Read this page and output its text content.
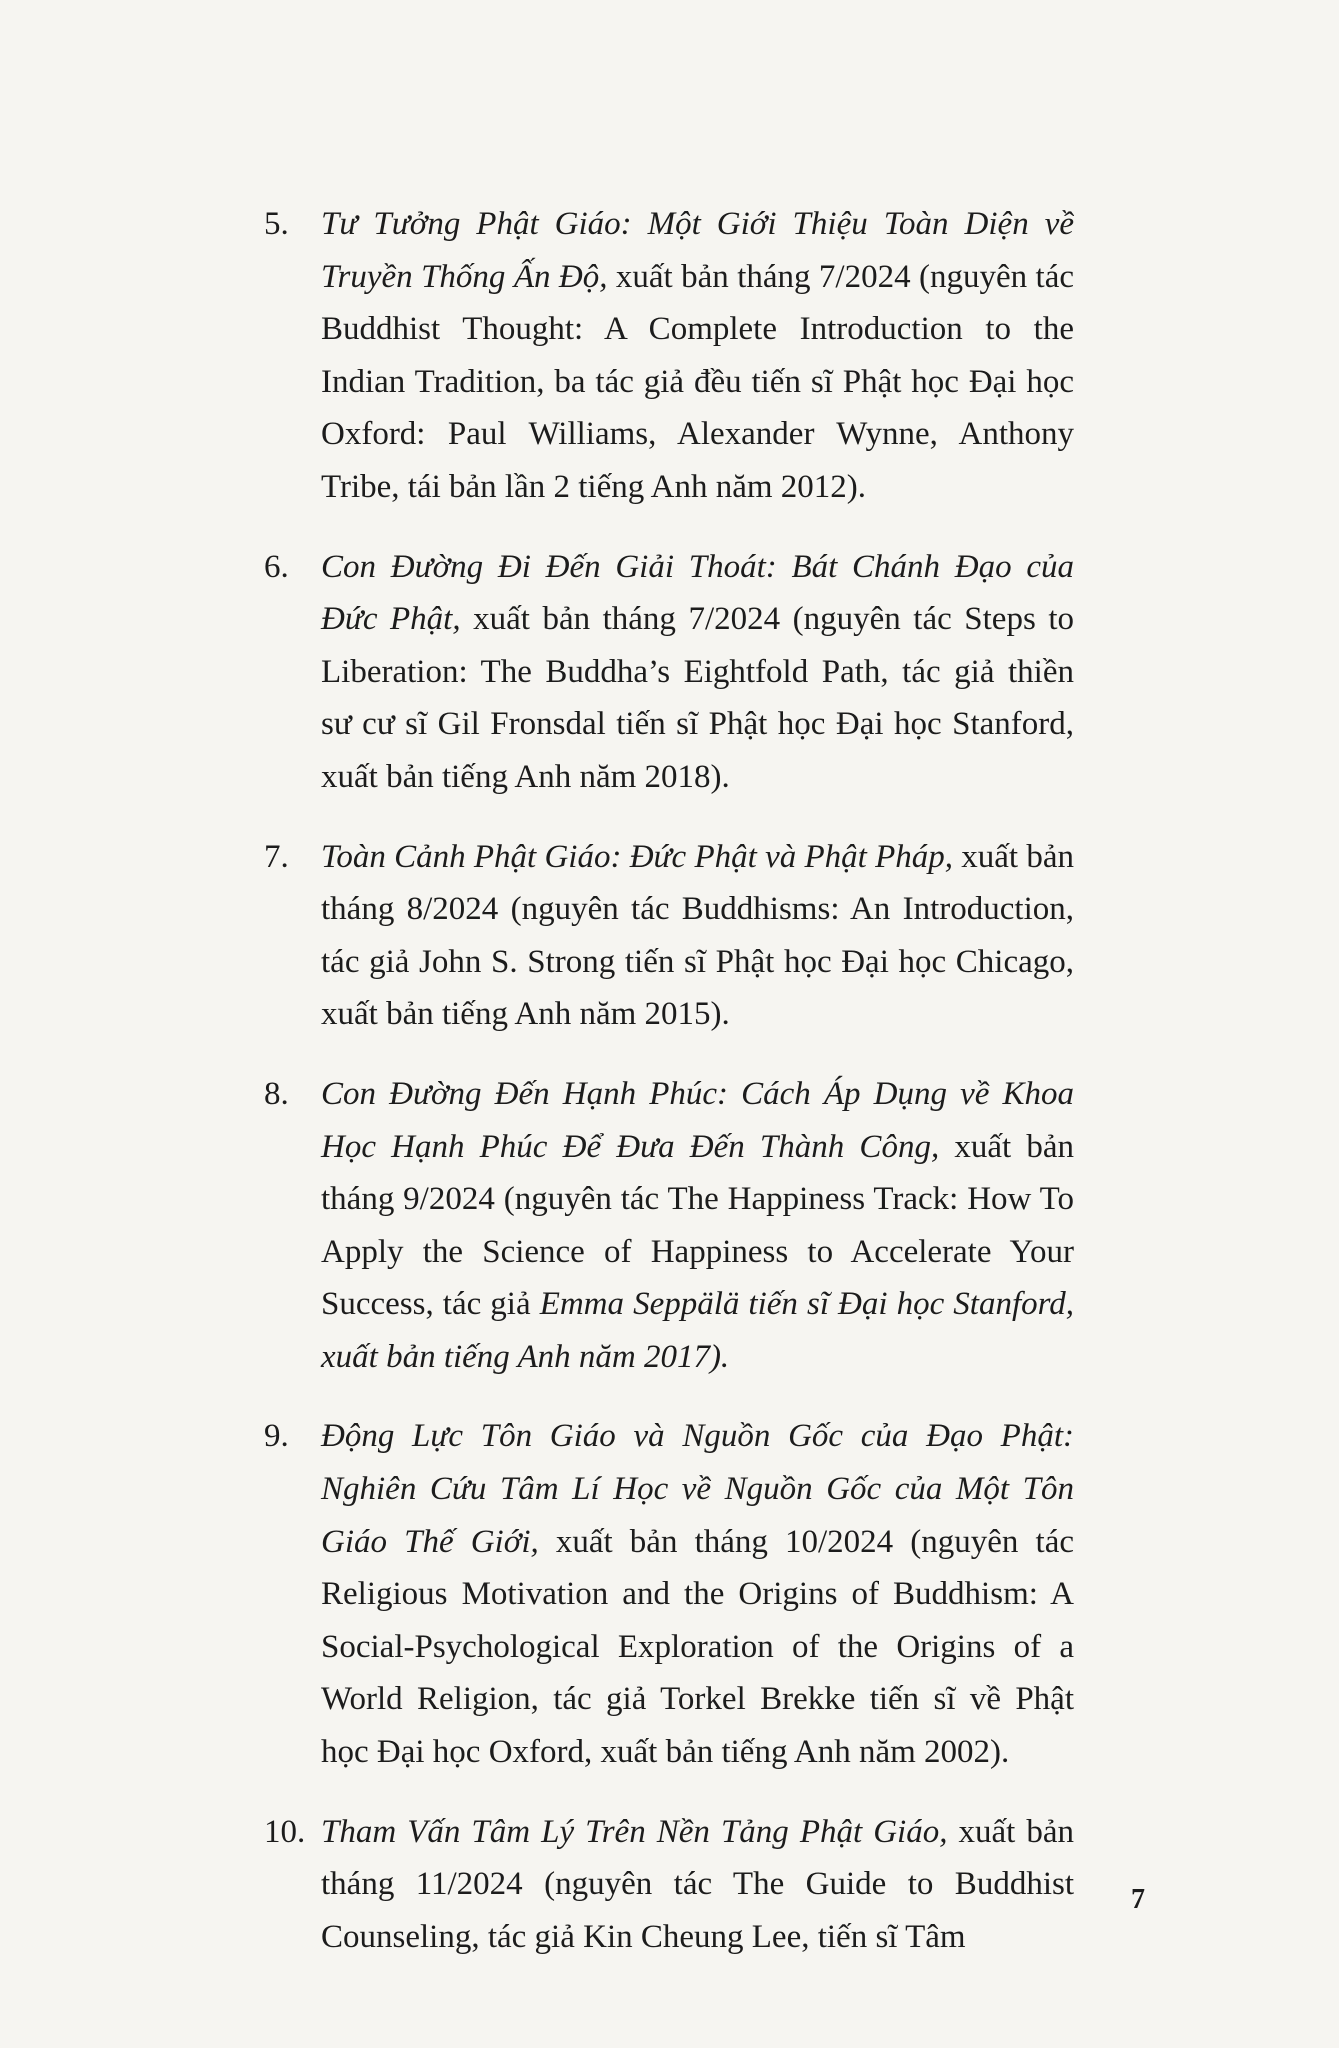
5. Tư Tưởng Phật Giáo: Một Giới Thiệu Toàn Diện về Truyền Thống Ấn Độ, xuất bản tháng 7/2024 (nguyên tác Buddhist Thought: A Complete Introduction to the Indian Tradition, ba tác giả đều tiến sĩ Phật học Đại học Oxford: Paul Williams, Alexander Wynne, Anthony Tribe, tái bản lần 2 tiếng Anh năm 2012).
6. Con Đường Đi Đến Giải Thoát: Bát Chánh Đạo của Đức Phật, xuất bản tháng 7/2024 (nguyên tác Steps to Liberation: The Buddha’s Eightfold Path, tác giả thiền sư cư sĩ Gil Fronsdal tiến sĩ Phật học Đại học Stanford, xuất bản tiếng Anh năm 2018).
7. Toàn Cảnh Phật Giáo: Đức Phật và Phật Pháp, xuất bản tháng 8/2024 (nguyên tác Buddhisms: An Introduction, tác giả John S. Strong tiến sĩ Phật học Đại học Chicago, xuất bản tiếng Anh năm 2015).
8. Con Đường Đến Hạnh Phúc: Cách Áp Dụng về Khoa Học Hạnh Phúc Để Đưa Đến Thành Công, xuất bản tháng 9/2024 (nguyên tác The Happiness Track: How To Apply the Science of Happiness to Accelerate Your Success, tác giả Emma Seppälä tiến sĩ Đại học Stanford, xuất bản tiếng Anh năm 2017).
9. Động Lực Tôn Giáo và Nguồn Gốc của Đạo Phật: Nghiên Cứu Tâm Lí Học về Nguồn Gốc của Một Tôn Giáo Thế Giới, xuất bản tháng 10/2024 (nguyên tác Religious Motivation and the Origins of Buddhism: A Social-Psychological Exploration of the Origins of a World Religion, tác giả Torkel Brekke tiến sĩ về Phật học Đại học Oxford, xuất bản tiếng Anh năm 2002).
10. Tham Vấn Tâm Lý Trên Nền Tảng Phật Giáo, xuất bản tháng 11/2024 (nguyên tác The Guide to Buddhist Counseling, tác giả Kin Cheung Lee, tiến sĩ Tâm
7
